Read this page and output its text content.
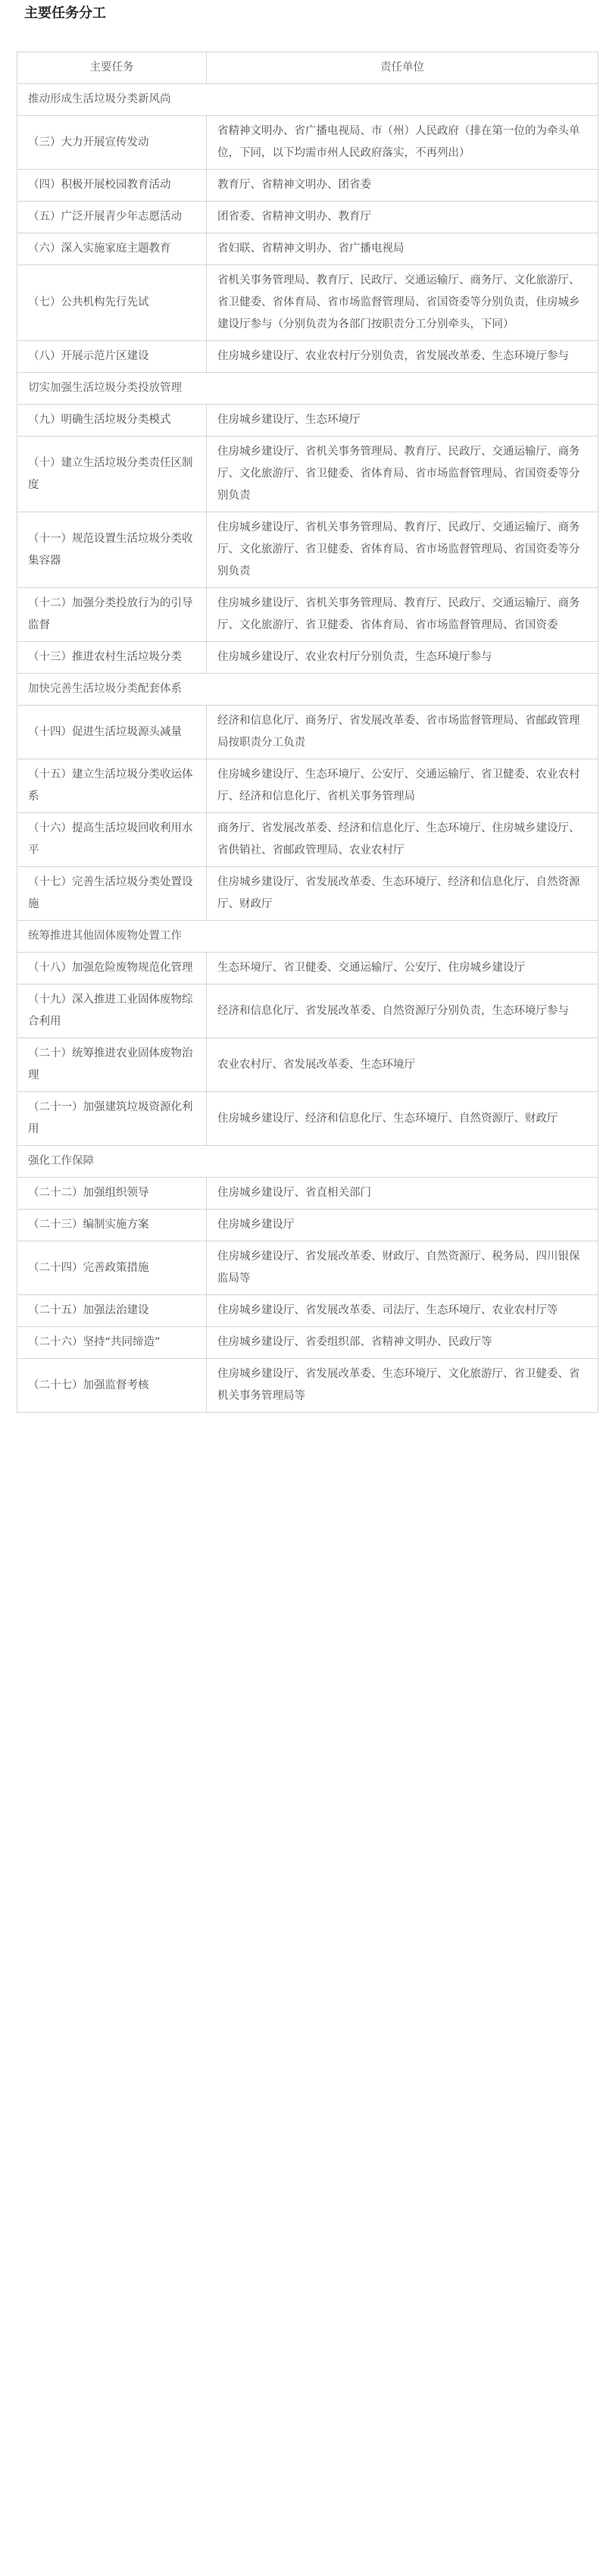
主要任务分工
主要任务	责任单位
推动形成生活垃圾分类新风尚	
（三）大力开展宣传发动	省精神文明办、省广播电视局、市（州）人民政府（排在第一位的为牵头单位，下同，以下均需市州人民政府落实，不再列出）
（四）积极开展校园教育活动	教育厅、省精神文明办、团省委
（五）广泛开展青少年志愿活动	团省委、省精神文明办、教育厅
（六）深入实施家庭主题教育	省妇联、省精神文明办、省广播电视局
（七）公共机构先行先试	省机关事务管理局、教育厅、民政厅、交通运输厅、商务厅、文化旅游厅、省卫健委、省体育局、省市场监督管理局、省国资委等分别负责，住房城乡建设厅参与（分别负责为各部门按职责分工分别牵头，下同）
（八）开展示范片区建设	住房城乡建设厅、农业农村厅分别负责，省发展改革委、生态环境厅参与
切实加强生活垃圾分类投放管理	
（九）明确生活垃圾分类模式	住房城乡建设厅、生态环境厅
（十）建立生活垃圾分类责任区制度	住房城乡建设厅、省机关事务管理局、教育厅、民政厅、交通运输厅、商务厅、文化旅游厅、省卫健委、省体育局、省市场监督管理局、省国资委等分别负责
（十一）规范设置生活垃圾分类收集容器	住房城乡建设厅、省机关事务管理局、教育厅、民政厅、交通运输厅、商务厅、文化旅游厅、省卫健委、省体育局、省市场监督管理局、省国资委等分别负责
（十二）加强分类投放行为的引导监督	住房城乡建设厅、省机关事务管理局、教育厅、民政厅、交通运输厅、商务厅、文化旅游厅、省卫健委、省体育局、省市场监督管理局、省国资委
（十三）推进农村生活垃圾分类	住房城乡建设厅、农业农村厅分别负责，生态环境厅参与
加快完善生活垃圾分类配套体系	
（十四）促进生活垃圾源头减量	经济和信息化厅、商务厅、省发展改革委、省市场监督管理局、省邮政管理局按职责分工负责
（十五）建立生活垃圾分类收运体系	住房城乡建设厅、生态环境厅、公安厅、交通运输厅、省卫健委、农业农村厅、经济和信息化厅、省机关事务管理局
（十六）提高生活垃圾回收利用水平	商务厅、省发展改革委、经济和信息化厅、生态环境厅、住房城乡建设厅、省供销社、省邮政管理局、农业农村厅
（十七）完善生活垃圾分类处置设施	住房城乡建设厅、省发展改革委、生态环境厅、经济和信息化厅、自然资源厅、财政厅
统筹推进其他固体废物处置工作	
（十八）加强危险废物规范化管理	生态环境厅、省卫健委、交通运输厅、公安厅、住房城乡建设厅
（十九）深入推进工业固体废物综合利用	经济和信息化厅、省发展改革委、自然资源厅分别负责，生态环境厅参与
（二十）统筹推进农业固体废物治理	农业农村厅、省发展改革委、生态环境厅
（二十一）加强建筑垃圾资源化利用	住房城乡建设厅、经济和信息化厅、生态环境厅、自然资源厅、财政厅
强化工作保障	
（二十二）加强组织领导	住房城乡建设厅、省直相关部门
（二十三）编制实施方案	住房城乡建设厅
（二十四）完善政策措施	住房城乡建设厅、省发展改革委、财政厅、自然资源厅、税务局、四川银保监局等
（二十五）加强法治建设	住房城乡建设厅、省发展改革委、司法厅、生态环境厅、农业农村厅等
（二十六）坚持“共同缔造”	住房城乡建设厅、省委组织部、省精神文明办、民政厅等
（二十七）加强监督考核	住房城乡建设厅、省发展改革委、生态环境厅、文化旅游厅、省卫健委、省机关事务管理局等
